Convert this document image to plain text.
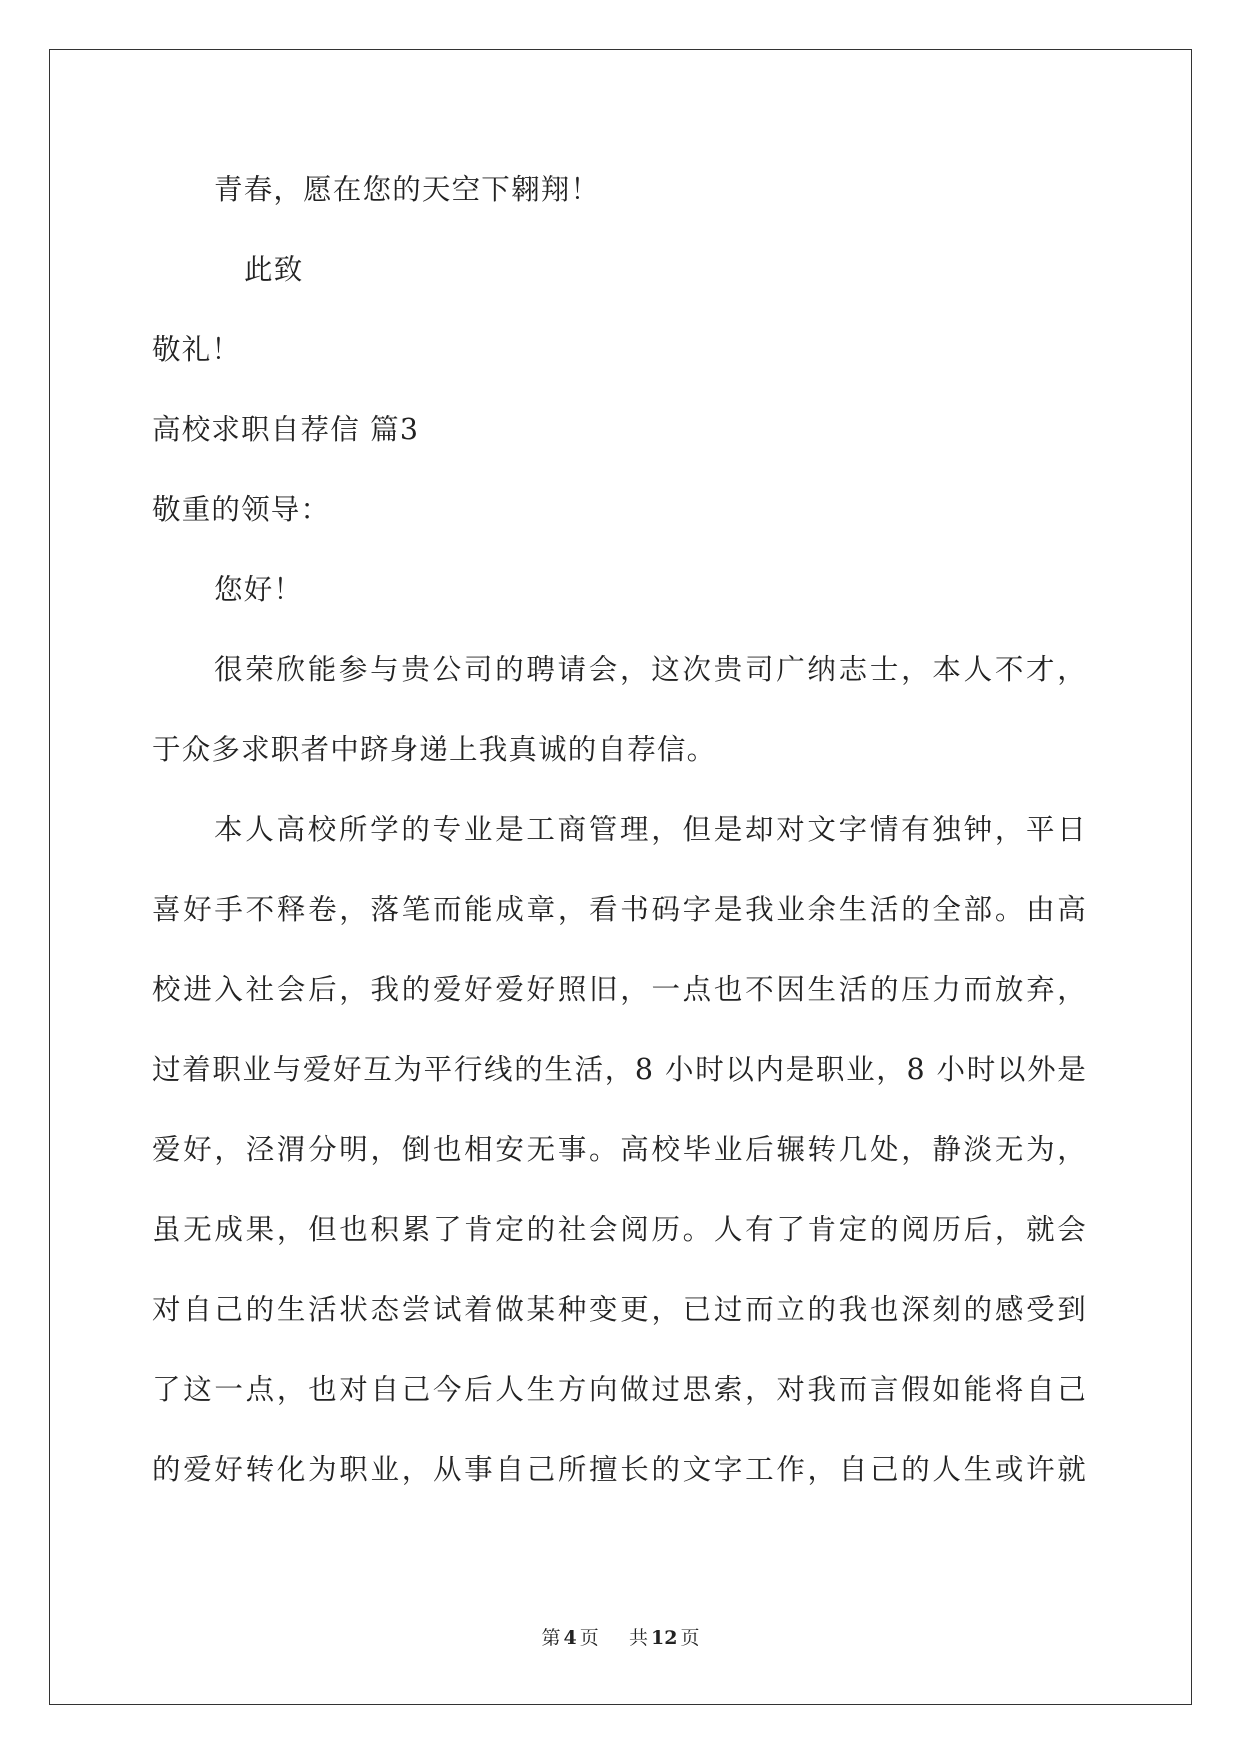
青春，愿在您的天空下翱翔！
此致
敬礼！
高校求职自荐信 篇3
敬重的领导：
您好！
很荣欣能参与贵公司的聘请会，这次贵司广纳志士，本人不才，
于众多求职者中跻身递上我真诚的自荐信。
本人高校所学的专业是工商管理，但是却对文字情有独钟，平日
喜好手不释卷，落笔而能成章，看书码字是我业余生活的全部。由高
校进入社会后，我的爱好爱好照旧，一点也不因生活的压力而放弃，
过着职业与爱好互为平行线的生活，8 小时以内是职业，8 小时以外是
爱好，泾渭分明，倒也相安无事。高校毕业后辗转几处，静淡无为，
虽无成果，但也积累了肯定的社会阅历。人有了肯定的阅历后，就会
对自己的生活状态尝试着做某种变更，已过而立的我也深刻的感受到
了这一点，也对自己今后人生方向做过思索，对我而言假如能将自己
的爱好转化为职业，从事自己所擅长的文字工作，自己的人生或许就
第 4 页 共 12 页
